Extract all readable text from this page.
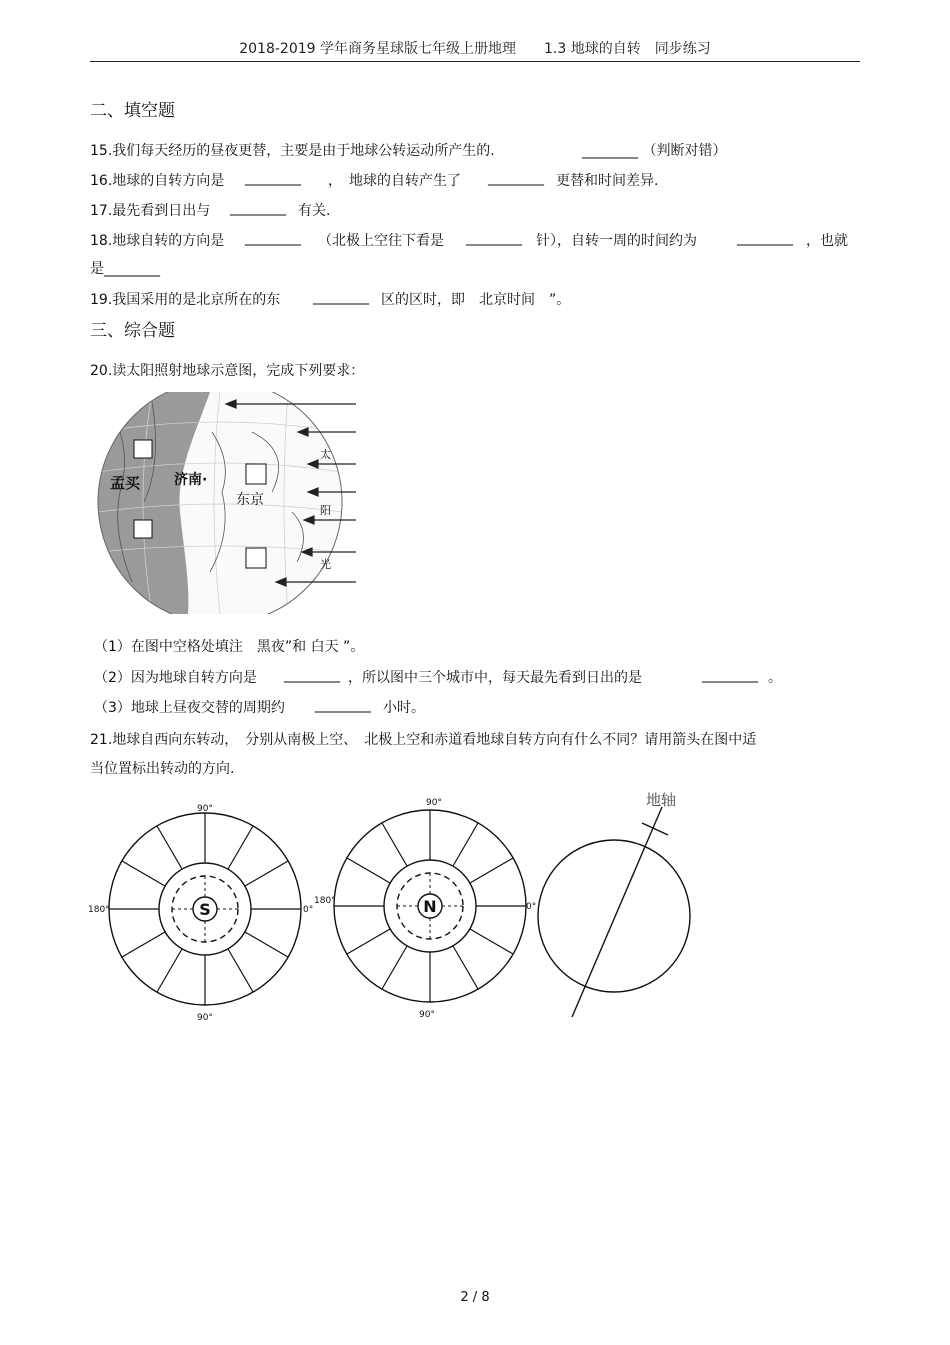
2018-2019 学年商务星球版七年级上册地理　　1.3 地球的自转　同步练习
二、填空题
15.我们每天经历的昼夜更替，主要是由于地球公转运动所产生的.	________ （判断对错）
16.地球的自转方向是 ________ ，　地球的自转产生了 ________ 更替和时间差异.
17.最先看到日出与 ________ 有关.
18.地球自转的方向是 ________ （北极上空往下看是 ________ 针），自转一周的时间约为	________ ，也就
是________
19.我国采用的是北京所在的东 ________ 区的区时，即　北京时间　”。
三、综合题
20.读太阳照射地球示意图，完成下列要求：
孟买 济南·
东京
太
阳
光
（1）在图中空格处填注　黑夜”和 白天 ”。
（2）因为地球自转方向是 ________ ，所以图中三个城市中，每天最先看到日出的是	________ 。
（3）地球上昼夜交替的周期约 ________ 小时。
21.地球自西向东转动，　分别从南极上空、　北极上空和赤道看地球自转方向有什么不同？请用箭头在图中适
当位置标出转动的方向.
S
90°
90°
180°	0°	N
90°
90°
180°
0°
地轴
2 / 8
